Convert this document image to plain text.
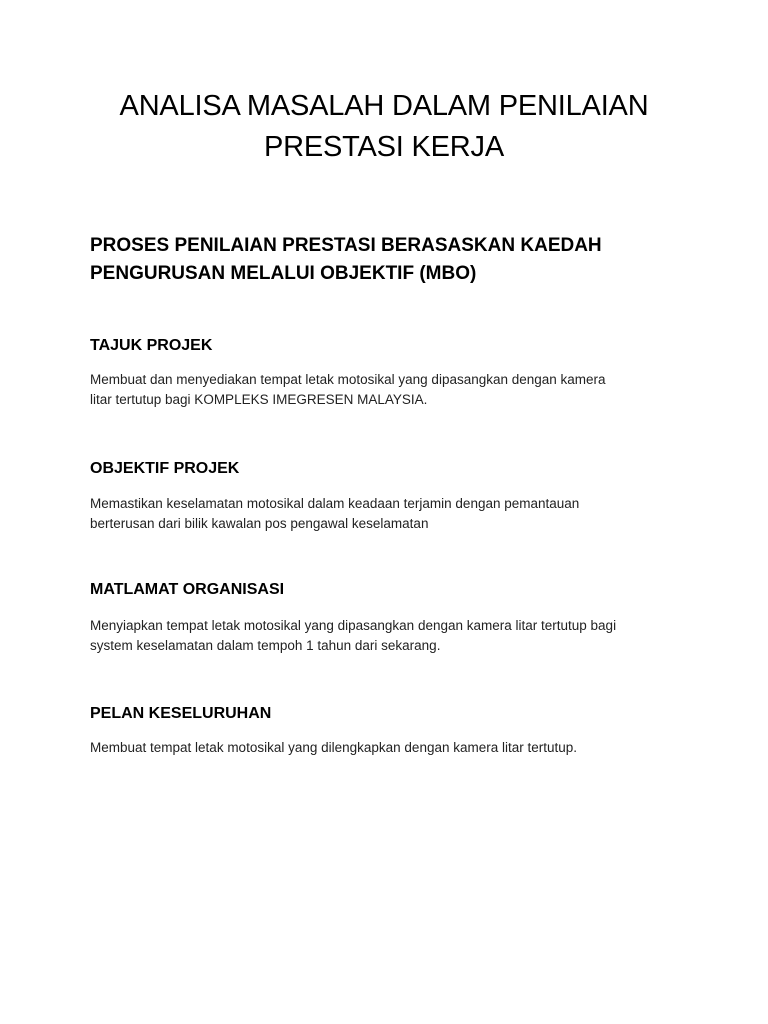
ANALISA MASALAH DALAM PENILAIAN
PRESTASI KERJA
PROSES PENILAIAN PRESTASI BERASASKAN KAEDAH
PENGURUSAN MELALUI OBJEKTIF (MBO)
TAJUK PROJEK

Membuat dan menyediakan tempat letak motosikal yang dipasangkan dengan kamera
litar tertutup bagi KOMPLEKS IMEGRESEN MALAYSIA.

OBJEKTIF PROJEK

Memastikan keselamatan motosikal dalam keadaan terjamin dengan pemantauan
berterusan dari bilik kawalan pos pengawal keselamatan

MATLAMAT ORGANISASI

Menyiapkan tempat letak motosikal yang dipasangkan dengan kamera litar tertutup bagi
system keselamatan dalam tempoh 1 tahun dari sekarang.

PELAN KESELURUHAN

Membuat tempat letak motosikal yang dilengkapkan dengan kamera litar tertutup.
